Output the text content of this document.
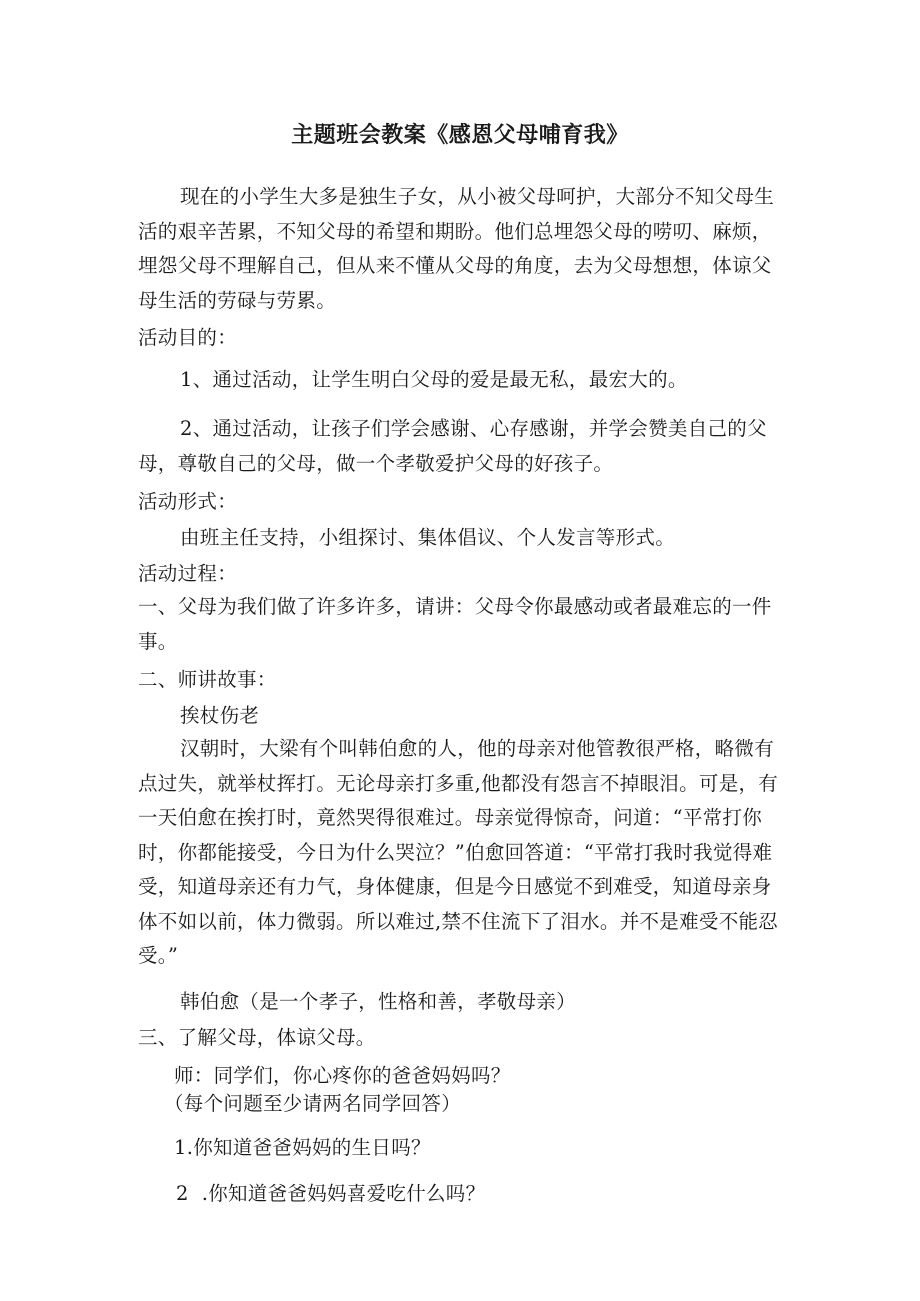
主题班会教案《感恩父母哺育我》
现在的小学生大多是独生子女，从小被父母呵护，大部分不知父母生活的艰辛苦累，不知父母的希望和期盼。他们总埋怨父母的唠叨、麻烦，埋怨父母不理解自己，但从来不懂从父母的角度，去为父母想想，体谅父母生活的劳碌与劳累。
活动目的：
1、通过活动，让学生明白父母的爱是最无私，最宏大的。
2、通过活动，让孩子们学会感谢、心存感谢，并学会赞美自己的父母，尊敬自己的父母，做一个孝敬爱护父母的好孩子。
活动形式：
由班主任支持，小组探讨、集体倡议、个人发言等形式。
活动过程：
一、父母为我们做了许多许多，请讲：父母令你最感动或者最难忘的一件事。
二、师讲故事：
挨杖伤老
汉朝时，大梁有个叫韩伯愈的人，他的母亲对他管教很严格，略微有点过失，就举杖挥打。无论母亲打多重,他都没有怨言不掉眼泪。可是，有一天伯愈在挨打时，竟然哭得很难过。母亲觉得惊奇，问道：“平常打你时，你都能接受，今日为什么哭泣？”伯愈回答道：“平常打我时我觉得难受，知道母亲还有力气，身体健康，但是今日感觉不到难受，知道母亲身体不如以前，体力微弱。所以难过,禁不住流下了泪水。并不是难受不能忍受。”
韩伯愈（是一个孝子，性格和善，孝敬母亲）
三、了解父母，体谅父母。
师：同学们，你心疼你的爸爸妈妈吗？
（每个问题至少请两名同学回答）
1.你知道爸爸妈妈的生日吗？
2  .你知道爸爸妈妈喜爱吃什么吗？
